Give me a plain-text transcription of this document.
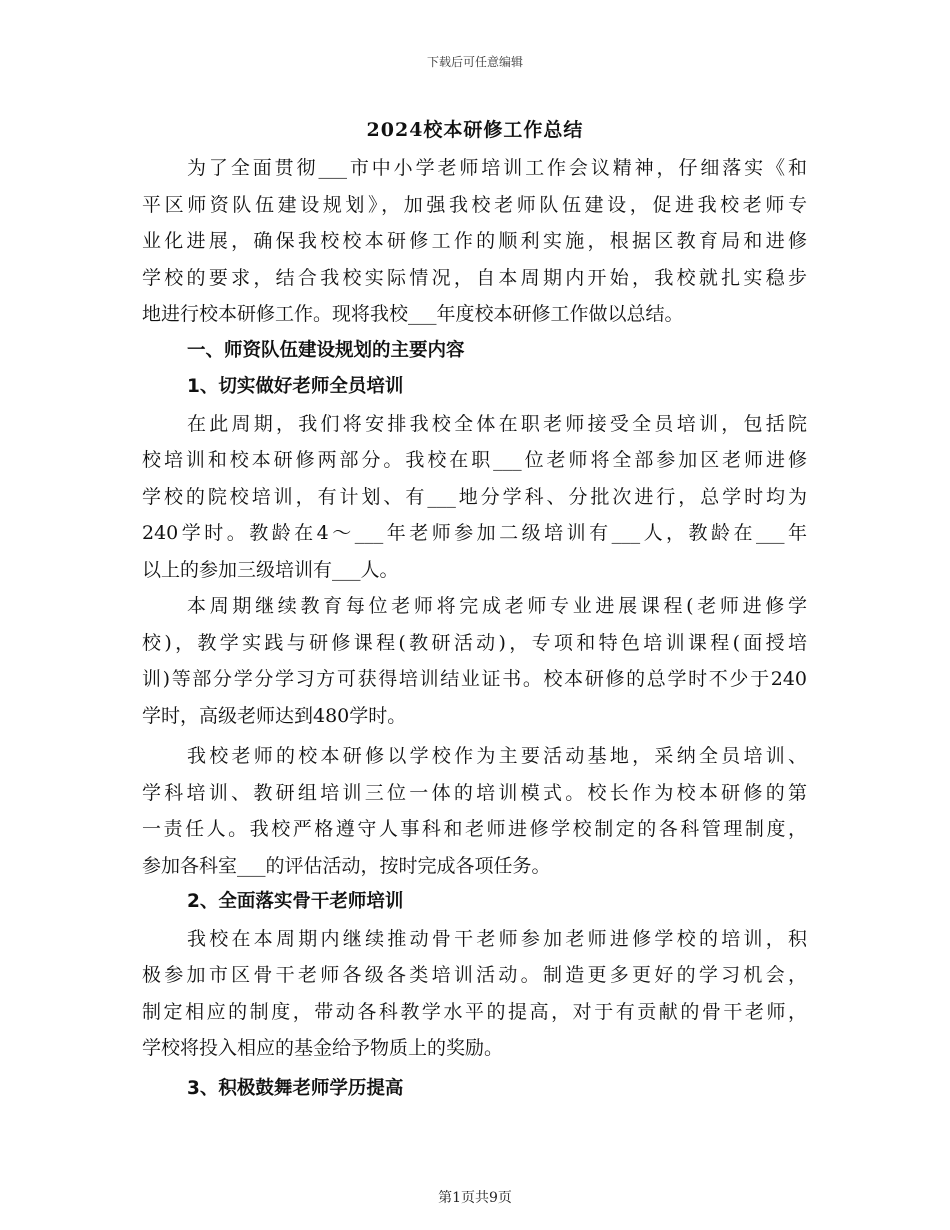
下载后可任意编辑
2024校本研修工作总结
为了全面贯彻___市中小学老师培训工作会议精神，仔细落实《和
平区师资队伍建设规划》，加强我校老师队伍建设，促进我校老师专
业化进展，确保我校校本研修工作的顺利实施，根据区教育局和进修
学校的要求，结合我校实际情况，自本周期内开始，我校就扎实稳步
地进行校本研修工作。现将我校___年度校本研修工作做以总结。
一、师资队伍建设规划的主要内容
1、切实做好老师全员培训
在此周期，我们将安排我校全体在职老师接受全员培训，包括院
校培训和校本研修两部分。我校在职___位老师将全部参加区老师进修
学校的院校培训，有计划、有___地分学科、分批次进行，总学时均为
240学时。教龄在4～___年老师参加二级培训有___人，教龄在___年
以上的参加三级培训有___人。
本周期继续教育每位老师将完成老师专业进展课程(老师进修学
校)，教学实践与研修课程(教研活动)，专项和特色培训课程(面授培
训)等部分学分学习方可获得培训结业证书。校本研修的总学时不少于240
学时，高级老师达到480学时。
我校老师的校本研修以学校作为主要活动基地，采纳全员培训、
学科培训、教研组培训三位一体的培训模式。校长作为校本研修的第
一责任人。我校严格遵守人事科和老师进修学校制定的各科管理制度，
参加各科室___的评估活动，按时完成各项任务。
2、全面落实骨干老师培训
我校在本周期内继续推动骨干老师参加老师进修学校的培训，积
极参加市区骨干老师各级各类培训活动。制造更多更好的学习机会，
制定相应的制度，带动各科教学水平的提高，对于有贡献的骨干老师，
学校将投入相应的基金给予物质上的奖励。
3、积极鼓舞老师学历提高
第1页共9页
